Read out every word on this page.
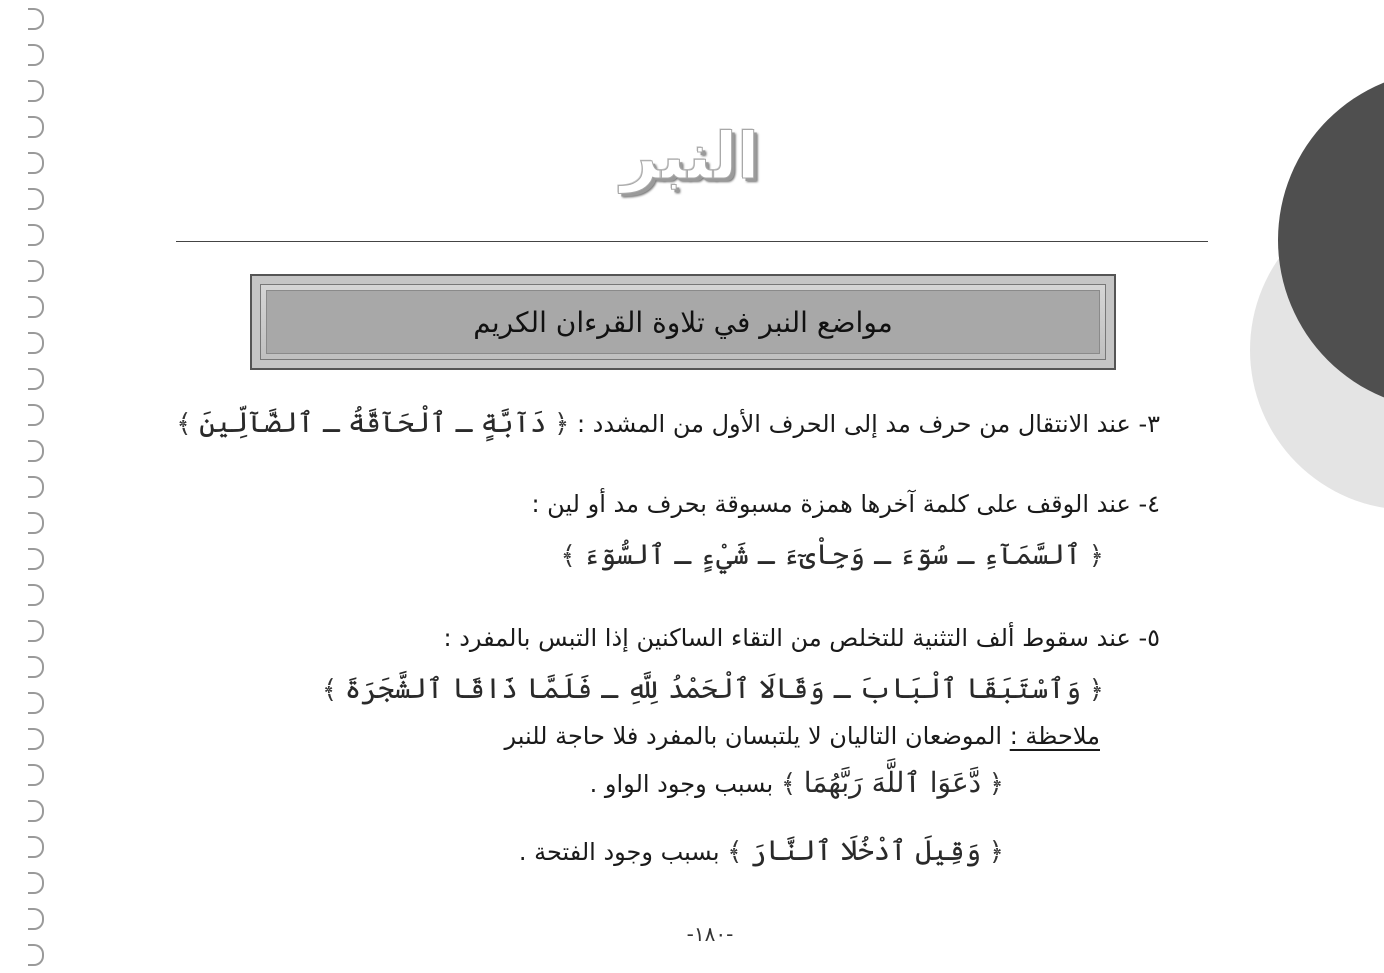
النبر
مواضع النبر في تلاوة القرءان الكريم
٣- عند الانتقال من حرف مد إلى الحرف الأول من المشدد : ﴿ دَآبَّةٍ ـ ٱلْحَآقَّةُ ـ ٱلضَّآلِّينَ ﴾
٤- عند الوقف على كلمة آخرها همزة مسبوقة بحرف مد أو لين :
﴿ ٱلسَّمَآءِ ـ سُوٓءَ ـ وَجِاْىٓءَ ـ شَيْءٍ ـ ٱلسُّوٓءَ ﴾
٥- عند سقوط ألف التثنية للتخلص من التقاء الساكنين إذا التبس بالمفرد :
﴿ وَٱسْتَبَقَا ٱلْبَابَ ـ وَقَالَا ٱلْحَمْدُ لِلَّهِ ـ فَلَمَّا ذَاقَا ٱلشَّجَرَةَ ﴾
ملاحظة : الموضعان التاليان لا يلتبسان بالمفرد فلا حاجة للنبر
﴿ دَّعَوَا ٱللَّهَ رَبَّهُمَا ﴾ بسبب وجود الواو .
﴿ وَقِيلَ ٱدْخُلَا ٱلنَّارَ ﴾ بسبب وجود الفتحة .
-١٨٠-
